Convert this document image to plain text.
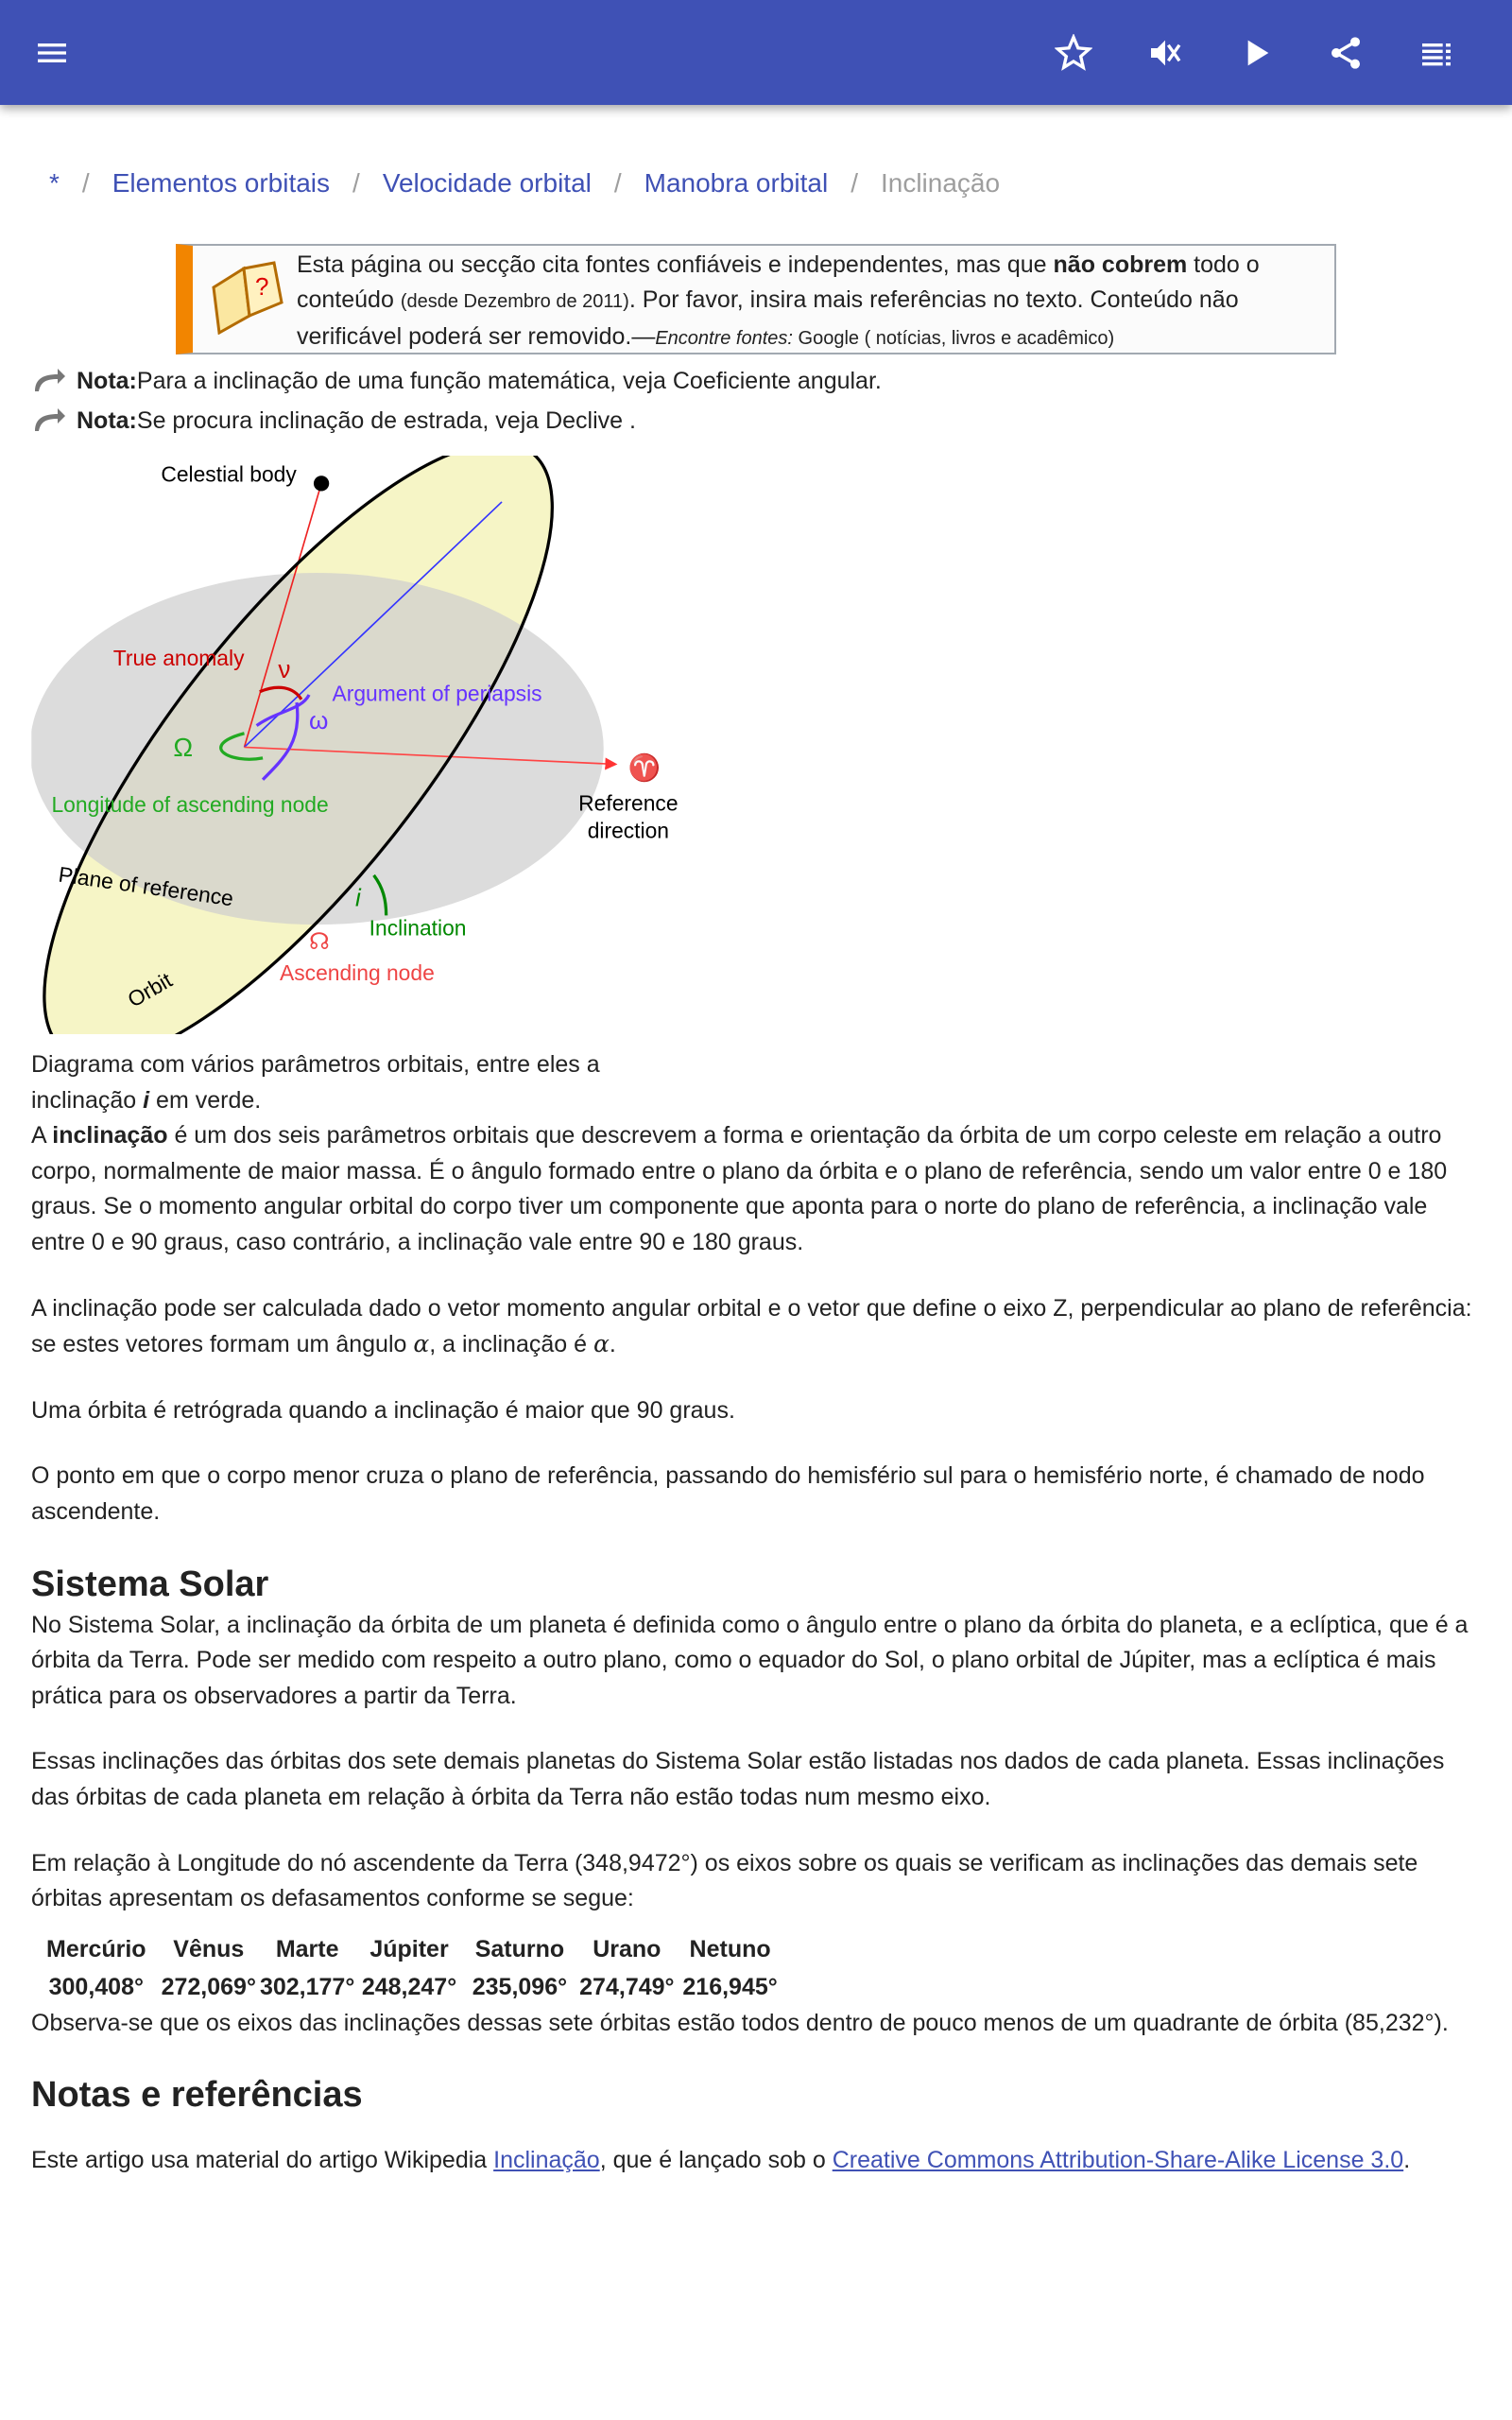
* / Elementos orbitais / Velocidade orbital / Manobra orbital / Inclinação
?
Esta página ou secção cita fontes confiáveis e independentes, mas que não cobrem todo o conteúdo (desde Dezembro de 2011). Por favor, insira mais referências no texto. Conteúdo não verificável poderá ser removido.—Encontre fontes: Google ( notícias, livros e acadêmico)
Nota: Para a inclinação de uma função matemática, veja Coeficiente angular.
Nota: Se procura inclinação de estrada, veja Declive .
Celestial body
True anomaly ν
Argument of periapsis
ω
Ω
Longitude of ascending node
♈
Reference
direction
Plane of reference	i
Inclination
☊
Ascending node
Orbit
Diagrama com vários parâmetros orbitais, entre eles a
inclinação i em verde.

A inclinação é um dos seis parâmetros orbitais que descrevem a forma e orientação da órbita de um corpo celeste em relação a outro corpo, normalmente de maior massa. É o ângulo formado entre o plano da órbita e o plano de referência, sendo um valor entre 0 e 180 graus. Se o momento angular orbital do corpo tiver um componente que aponta para o norte do plano de referência, a inclinação vale entre 0 e 90 graus, caso contrário, a inclinação vale entre 90 e 180 graus.

A inclinação pode ser calculada dado o vetor momento angular orbital e o vetor que define o eixo Z, perpendicular ao plano de referência: se estes vetores formam um ângulo α, a inclinação é α.

Uma órbita é retrógrada quando a inclinação é maior que 90 graus.

O ponto em que o corpo menor cruza o plano de referência, passando do hemisfério sul para o hemisfério norte, é chamado de nodo ascendente.

Sistema Solar

No Sistema Solar, a inclinação da órbita de um planeta é definida como o ângulo entre o plano da órbita do planeta, e a eclíptica, que é a órbita da Terra. Pode ser medido com respeito a outro plano, como o equador do Sol, o plano orbital de Júpiter, mas a eclíptica é mais prática para os observadores a partir da Terra.

Essas inclinações das órbitas dos sete demais planetas do Sistema Solar estão listadas nos dados de cada planeta. Essas inclinações das órbitas de cada planeta em relação à órbita da Terra não estão todas num mesmo eixo.

Em relação à Longitude do nó ascendente da Terra (348,9472°) os eixos sobre os quais se verificam as inclinações das demais sete órbitas apresentam os defasamentos conforme se segue:

Mercúrio	Vênus	Marte	Júpiter	Saturno	Urano	Netuno
300,408°	272,069°	302,177°	248,247°	235,096°	274,749°	216,945°

Observa-se que os eixos das inclinações dessas sete órbitas estão todos dentro de pouco menos de um quadrante de órbita (85,232°).

Notas e referências

Este artigo usa material do artigo Wikipedia Inclinação, que é lançado sob o Creative Commons Attribution-Share-Alike License 3.0.
